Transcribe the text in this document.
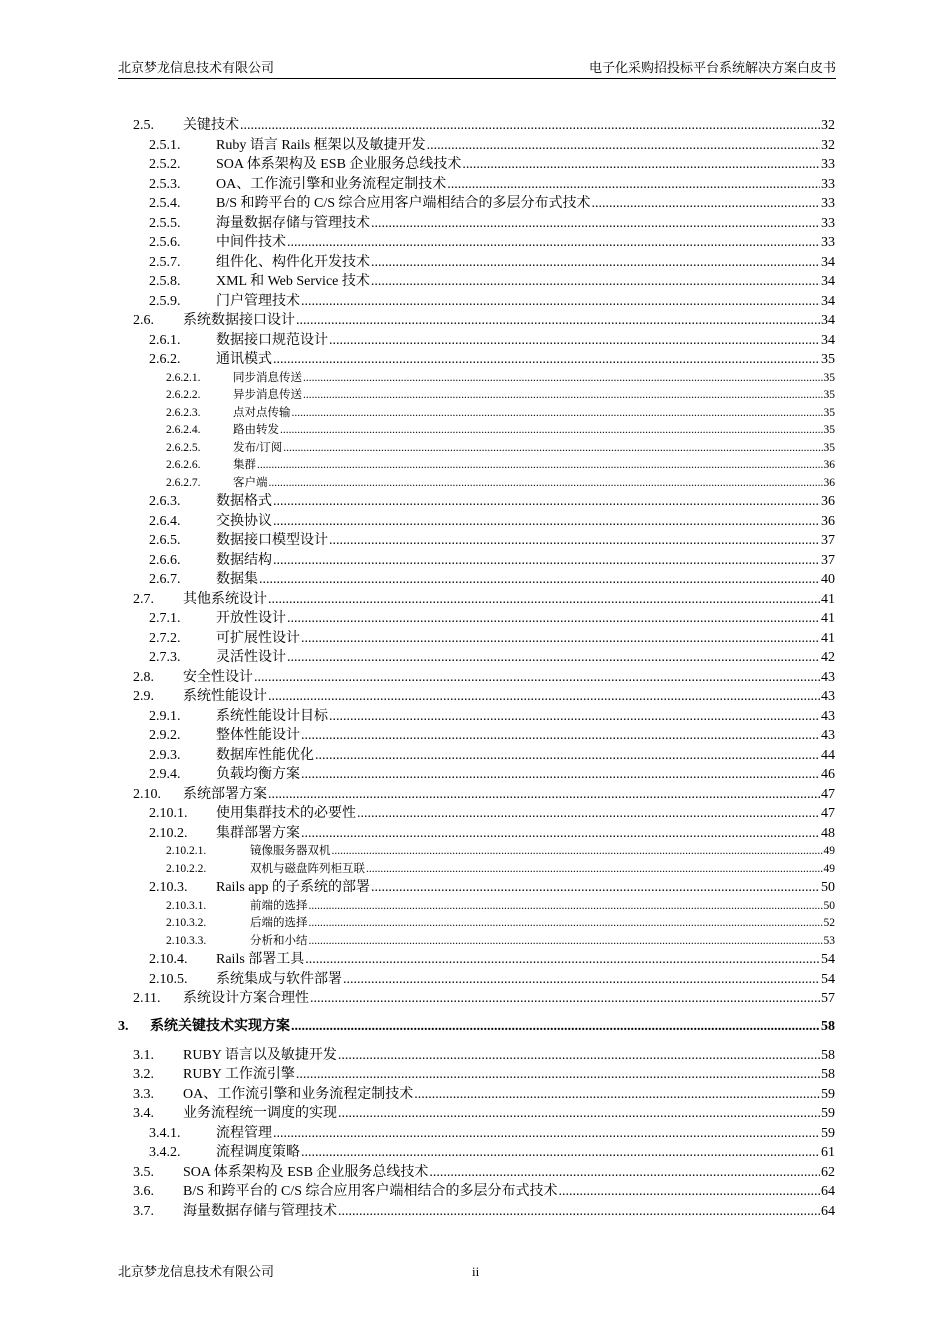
北京梦龙信息技术有限公司	电子化采购招投标平台系统解决方案白皮书
2.5.	关键技术 .....	32
2.5.1.	Ruby 语言 Rails 框架以及敏捷开发 .....	32
2.5.2.	SOA 体系架构及 ESB 企业服务总线技术 .....	33
2.5.3.	OA、工作流引擎和业务流程定制技术 .....	33
2.5.4.	B/S 和跨平台的 C/S 综合应用客户端相结合的多层分布式技术 .....	33
2.5.5.	海量数据存储与管理技术 .....	33
2.5.6.	中间件技术 .....	33
2.5.7.	组件化、构件化开发技术 .....	34
2.5.8.	XML 和 Web Service 技术 .....	34
2.5.9.	门户管理技术 .....	34
2.6.	系统数据接口设计 .....	34
2.6.1.	数据接口规范设计 .....	34
2.6.2.	通讯模式 .....	35
2.6.2.1.	同步消息传送 .....	35
2.6.2.2.	异步消息传送 .....	35
2.6.2.3.	点对点传输 .....	35
2.6.2.4.	路由转发 .....	35
2.6.2.5.	发布/订阅 .....	35
2.6.2.6.	集群 .....	36
2.6.2.7.	客户端 .....	36
2.6.3.	数据格式 .....	36
2.6.4.	交换协议 .....	36
2.6.5.	数据接口模型设计 .....	37
2.6.6.	数据结构 .....	37
2.6.7.	数据集 .....	40
2.7.	其他系统设计 .....	41
2.7.1.	开放性设计 .....	41
2.7.2.	可扩展性设计 .....	41
2.7.3.	灵活性设计 .....	42
2.8.	安全性设计 .....	43
2.9.	系统性能设计 .....	43
2.9.1.	系统性能设计目标 .....	43
2.9.2.	整体性能设计 .....	43
2.9.3.	数据库性能优化 .....	44
2.9.4.	负载均衡方案 .....	46
2.10.	系统部署方案 .....	47
2.10.1.	使用集群技术的必要性 .....	47
2.10.2.	集群部署方案 .....	48
2.10.2.1.	镜像服务器双机 .....	49
2.10.2.2.	双机与磁盘阵列柜互联 .....	49
2.10.3.	Rails app 的子系统的部署 .....	50
2.10.3.1.	前端的选择 .....	50
2.10.3.2.	后端的选择 .....	52
2.10.3.3.	分析和小结 .....	53
2.10.4.	Rails 部署工具 .....	54
2.10.5.	系统集成与软件部署 .....	54
2.11.	系统设计方案合理性 .....	57
3.	系统关键技术实现方案 .....	58
3.1.	RUBY 语言以及敏捷开发 .....	58
3.2.	RUBY 工作流引擎 .....	58
3.3.	OA、工作流引擎和业务流程定制技术 .....	59
3.4.	业务流程统一调度的实现 .....	59
3.4.1.	流程管理 .....	59
3.4.2.	流程调度策略 .....	61
3.5.	SOA 体系架构及 ESB 企业服务总线技术 .....	62
3.6.	B/S 和跨平台的 C/S 综合应用客户端相结合的多层分布式技术 .....	64
3.7.	海量数据存储与管理技术 .....	64
北京梦龙信息技术有限公司	ii
